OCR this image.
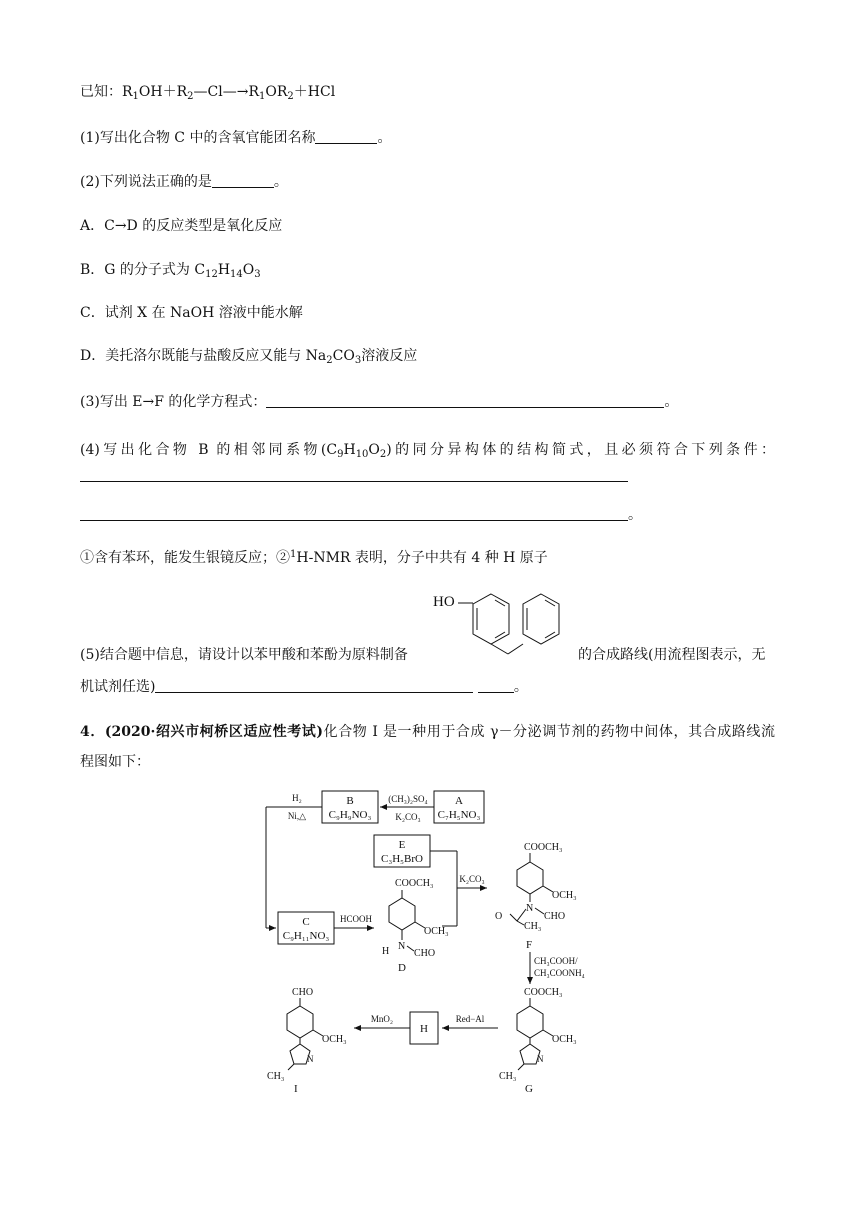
已知：$R_1OH+R_2—Cl—\to R_1OR_2+HCl$
(1)写出化合物 C 中的含氧官能团名称	。
(2)下列说法正确的是	。
A．C→D 的反应类型是氧化反应
B．G 的分子式为 $C_{12}H_{14}O_3$
C．试剂 X 在 NaOH 溶液中能水解
D．美托洛尔既能与盐酸反应又能与 $Na_2CO_3$溶液反应
(3)写出 E→F 的化学方程式：	。
(4)写出化合物 B 的相邻同系物$(C_9H_{10}O_2)$的同分异构体的结构简式，且必须符合下列条件：
。
①含有苯环，能发生银镜反应；②$^1$H-NMR 表明，分子中共有 4 种 H 原子
HO
(5)结合题中信息，请设计以苯甲酸和苯酚为原料制备	的合成路线(用流程图表示，无
机试剂任选)	。
4．(2020·绍兴市柯桥区适应性考试)化合物 I 是一种用于合成 γ－分泌调节剂的药物中间体，其合成路线流
程图如下：
A
C₇H₅NO₃
(CH₃)₂SO₄
K₂CO₃
B
C₉H₉NO₃
H₂
Ni,△
E
C₃H₅BrO
K₂CO₃
C
C₉H₁₁NO₃
HCOOH
COOCH₃
OCH₃
N
H CHO
D
COOCH₃
OCH₃
N
CHO
O
CH₃
F
CH₃COOH/
CH₃COONH₄
COOCH₃
OCH₃
N
CH₃
G
Red−Al
H
MnO₂
CHO
OCH₃
N
CH₃
I
